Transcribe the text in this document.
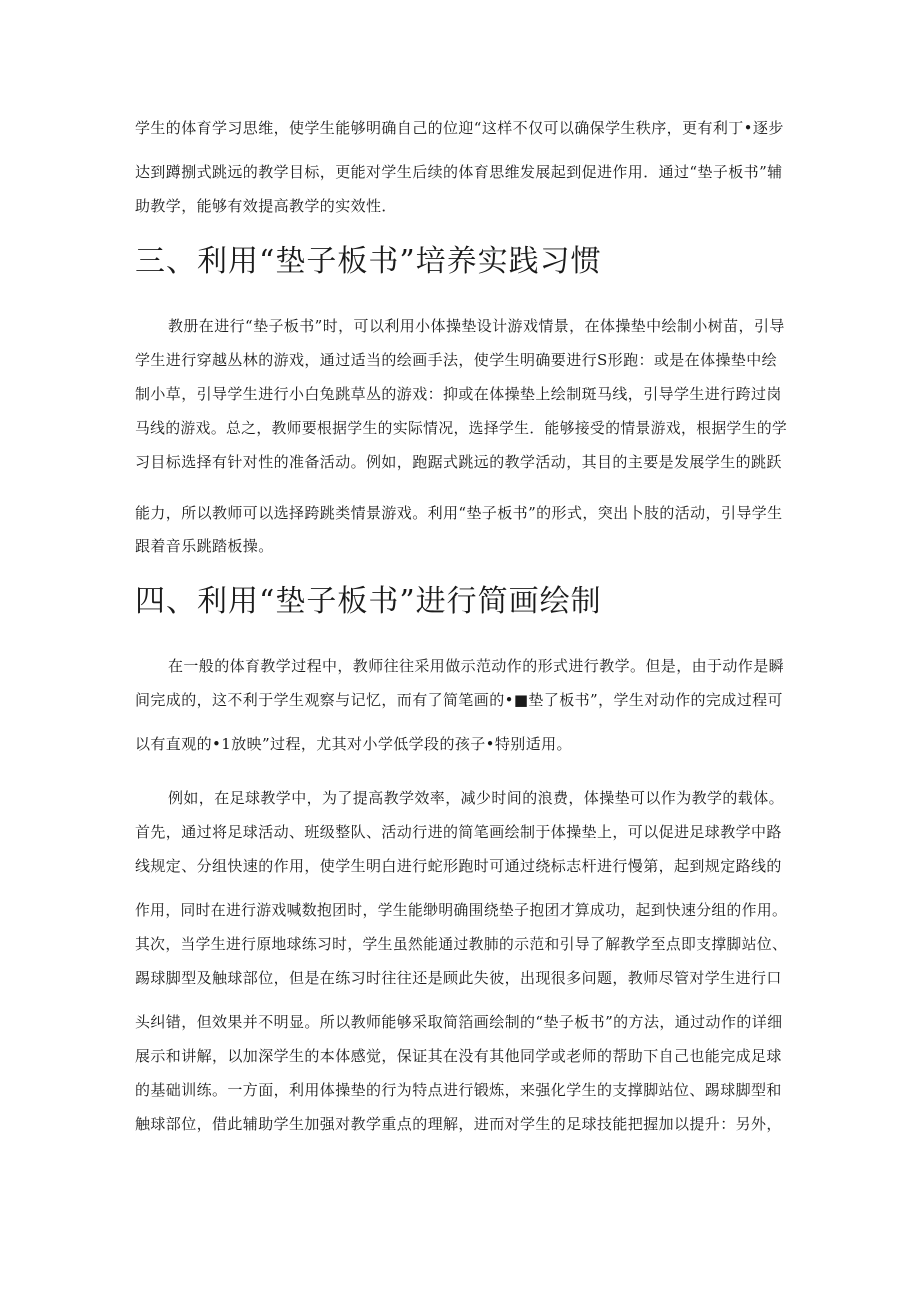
学生的体育学习思维，使学生能够明确自己的位迎“这样不仅可以确保学生秩序，更有利丁•逐步
达到蹲捌式跳远的教学目标，更能对学生后续的体育思维发展起到促进作用．通过“垫子板书”辅
助教学，能够有效提高教学的实效性．
三、利用“垫子板书”培养实践习惯
教册在进行“垫子板书”时，可以利用小体操垫设计游戏情景，在体操垫中绘制小树苗，引导
学生进行穿越丛林的游戏，通过适当的绘画手法，使学生明确要进行S形跑：或是在体操垫中绘
制小草，引导学生进行小白兔跳草丛的游戏：抑或在体操垫上绘制斑马线，引导学生进行跨过岗
马线的游戏。总之，教师要根据学生的实际情况，选择学生．能够接受的情景游戏，根据学生的学
习目标选择有针对性的准备活动。例如，跑踞式跳远的教学活动，其目的主要是发展学生的跳跃
能力，所以教师可以选择跨跳类情景游戏。利用“垫子板书”的形式，突出卜肢的活动，引导学生
跟着音乐跳踏板操。
四、利用“垫子板书”进行简画绘制
在一般的体育教学过程中，教师往往采用做示范动作的形式进行教学。但是，由于动作是瞬
间完成的，这不利于学生观察与记忆，而有了简笔画的•■垫了板书”，学生对动作的完成过程可
以有直观的•1放映”过程，尤其对小学低学段的孩子•特别适用。
例如，在足球教学中，为了提高教学效率，减少时间的浪费，体操垫可以作为教学的载体。
首先，通过将足球活动、班级整队、活动行进的简笔画绘制于体操垫上，可以促进足球教学中路
线规定、分组快速的作用，使学生明白进行蛇形跑时可通过绕标志杆进行慢第，起到规定路线的
作用，同时在进行游戏喊数抱团时，学生能缈明确围绕垫子抱团才算成功，起到快速分组的作用。
其次，当学生进行原地球练习时，学生虽然能通过教肺的示范和引导了解教学至点即支撑脚站位、
踢球脚型及触球部位，但是在练习时往往还是顾此失彼，出现很多问题，教师尽管对学生进行口
头纠错，但效果并不明显。所以教师能够采取简箔画绘制的“垫子板书”的方法，通过动作的详细
展示和讲解，以加深学生的本体感觉，保证其在没有其他同学或老师的帮助下自己也能完成足球
的基础训练。一方面，利用体操垫的行为特点进行锻炼，来强化学生的支撑脚站位、踢球脚型和
触球部位，借此辅助学生加强对教学重点的理解，进而对学生的足球技能把握加以提升：另外，
